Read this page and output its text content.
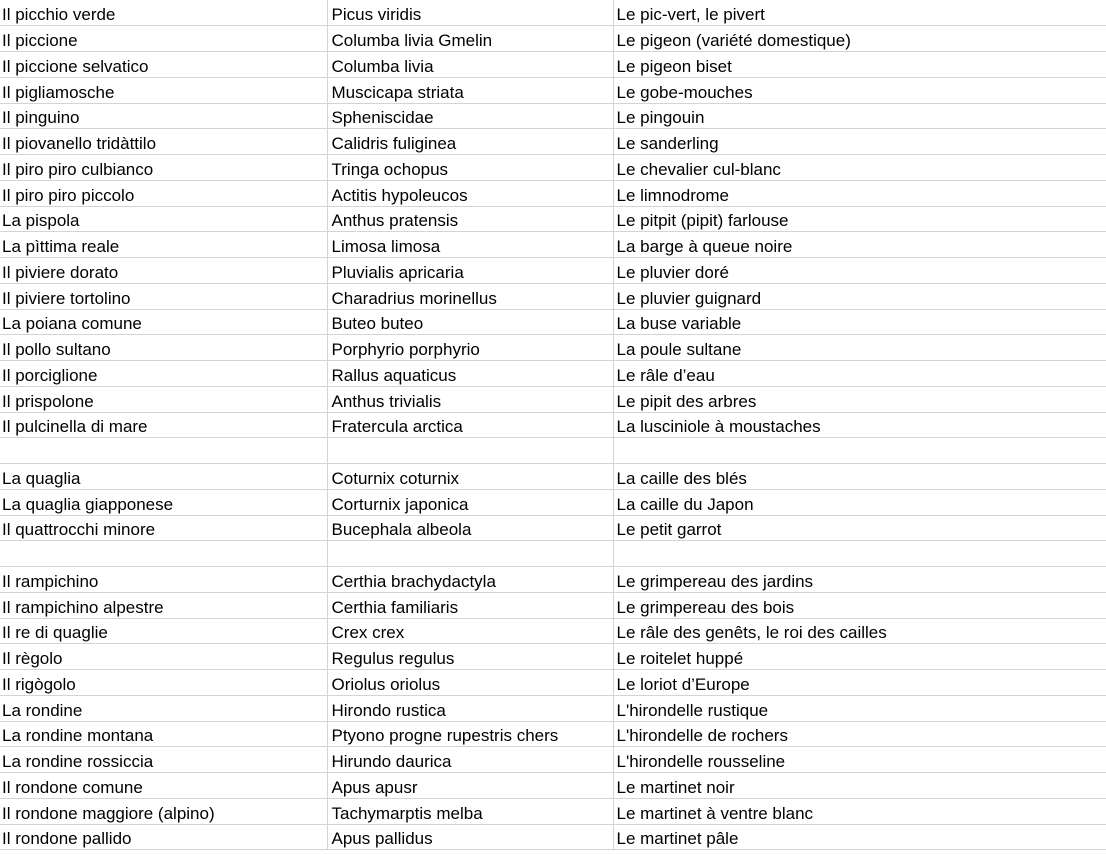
Il picchio verde	Picus viridis	Le pic-vert, le pivert
Il piccione	Columba livia Gmelin	Le pigeon (variété domestique)
Il piccione selvatico	Columba livia	Le pigeon biset
Il pigliamosche	Muscicapa striata	Le gobe-mouches
Il pinguino	Spheniscidae	Le pingouin
Il piovanello tridàttilo	Calidris fuliginea	Le sanderling
Il piro piro culbianco	Tringa ochopus	Le chevalier cul-blanc
Il piro piro piccolo	Actitis hypoleucos	Le limnodrome
La pispola	Anthus pratensis	Le pitpit (pipit) farlouse
La pìttima reale	Limosa limosa	La barge à queue noire
Il piviere dorato	Pluvialis apricaria	Le pluvier doré
Il piviere tortolino	Charadrius morinellus	Le pluvier guignard
La poiana comune	Buteo buteo	La buse variable
Il pollo sultano	Porphyrio porphyrio	La poule sultane
Il porciglione	Rallus aquaticus	Le râle d’eau
Il prispolone	Anthus trivialis	Le pipit des arbres
Il pulcinella di mare	Fratercula arctica	La lusciniole à moustaches

La quaglia	Coturnix coturnix	La caille des blés
La quaglia giapponese	Corturnix japonica	La caille du Japon
Il quattrocchi minore	Bucephala albeola	Le petit garrot

Il rampichino	Certhia brachydactyla	Le grimpereau des jardins
Il rampichino alpestre	Certhia familiaris	Le grimpereau des bois
Il re di quaglie	Crex crex	Le râle des genêts, le roi des cailles
Il règolo	Regulus regulus	Le roitelet huppé
Il rigògolo	Oriolus oriolus	Le loriot d’Europe
La rondine	Hirondo rustica	L'hirondelle rustique
La rondine montana	Ptyono progne rupestris chers	L'hirondelle de rochers
La rondine rossiccia	Hirundo daurica	L'hirondelle rousseline
Il rondone comune	Apus apusr	Le martinet noir
Il rondone maggiore (alpino)	Tachymarptis melba	Le martinet à ventre blanc
Il rondone pallido	Apus pallidus	Le martinet pâle
